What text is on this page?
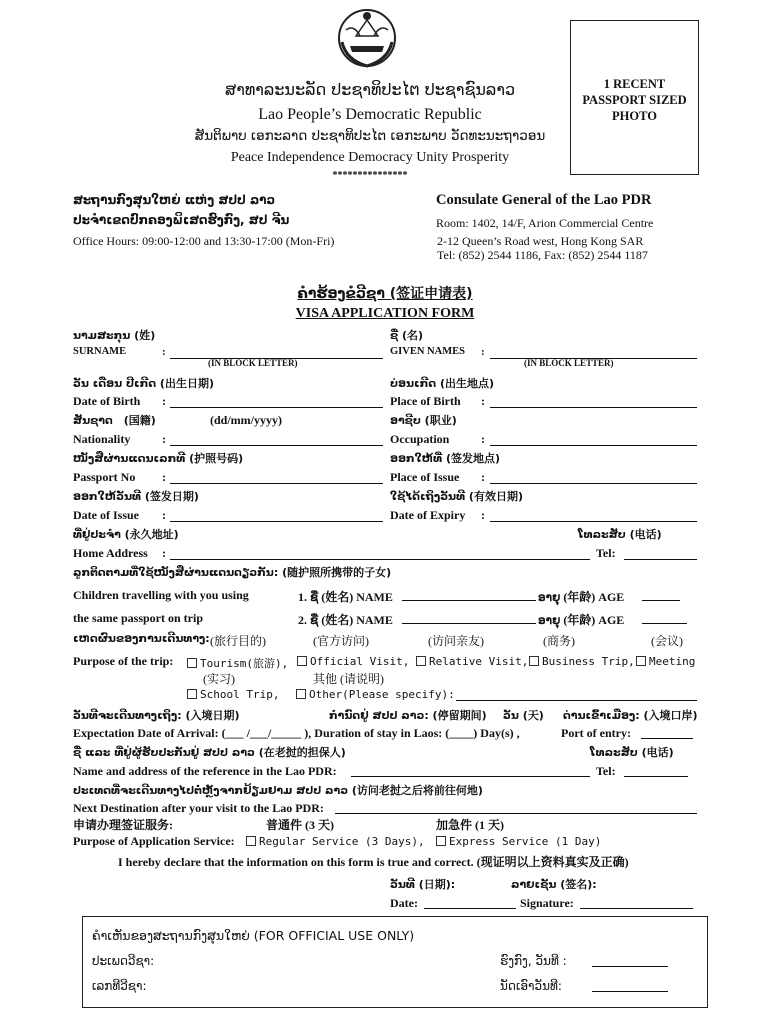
ສາທາລະນະລັດ ປະຊາທິປະໄຕ ປະຊາຊົນລາວ
Lao People’s Democratic Republic
ສັນຕິພາບ ເອກະລາດ ປະຊາທິປະໄຕ ເອກະພາບ ວັດທະນະຖາວອນ
Peace Independence Democracy Unity Prosperity
***************
1 RECENT PASSPORT SIZED PHOTO
ສະຖານກົງສຸນໃຫຍ່ ແຫ່ງ ສປປ ລາວ
ປະຈຳເຂດປົກຄອງພິເສດຮົງກົງ, ສປ ຈີນ
Office Hours: 09:00-12:00 and 13:30-17:00 (Mon-Fri)
Consulate General of the Lao PDR
Room: 1402, 14/F, Arion Commercial Centre
2-12 Queen’s Road west, Hong Kong SAR
Tel: (852) 2544 1186, Fax: (852) 2544 1187
ຄຳຮ້ອງຂໍວີຊາ (签证申请表)
VISA APPLICATION FORM
ນາມສະກຸນ (姓)	ຊື່ (名)
SURNAME	:	GIVEN NAMES :
(IN BLOCK LETTER)	(IN BLOCK LETTER)
ວັນ ເດືອນ ປີເກີດ (出生日期)	ບ່ອນເກີດ (出生地点)
Date of Birth :	Place of Birth :
ສັນຊາດ　(国籍)	(dd/mm/yyyy)	ອາຊີບ (职业)
Nationality	:	Occupation	:
ໜັງສືຜ່ານແດນເລກທີ (护照号码)	ອອກໃຫ້ທີ່ (签发地点)
Passport No :	Place of Issue :
ອອກໃຫ້ວັນທີ (签发日期)	ໃຊ້ໄດ້ເຖິງວັນທີ (有效日期)
Date of Issue :	Date of Expiry :
ທີ່ຢູ່ປະຈຳ (永久地址)	ໂທລະສັບ (电话)
Home Address :	Tel:
ລູກຕິດຕາມທີ່ໃຊ້ໜັງສືຜ່ານແດນດຽວກັນ: (随护照所携带的子女)
Children travelling with you using
the same passport on trip
1. ຊື່ (姓名) NAME	ອາຍຸ (年龄) AGE
2. ຊື່ (姓名) NAME	ອາຍຸ (年龄) AGE
ເຫດຜົນຂອງການເດີນທາງ: (旅行目的)	(官方访问)	(访问亲友)	(商务)	(会议)
Purpose of the trip:	Tourism(旅游),	Official Visit,	Relative Visit,	Business Trip,	Meeting
(实习)	其他 (请说明)
School Trip,	Other(Please specify):
ວັນທີຈະເດີນທາງເຖິງ: (入境日期)	ກຳນົດຢູ່ ສປປ ລາວ: (停留期间) ວັນ (天) ດ່ານເຂົ້າເມືອງ: (入境口岸)
Expectation Date of Arrival: (___ /___/_____ ), Duration of stay in Laos: (____) Day(s) ,	Port of entry:
ຊື່ ແລະ ທີ່ຢູ່ຜູ້ຮັບປະກັນຢູ່ ສປປ ລາວ (在老挝的担保人)	ໂທລະສັບ (电话)
Name and address of the reference in the Lao PDR:	Tel:
ປະເທດທີ່ຈະເດີນທາງໄປຕໍ່ຫຼັງຈາກຢ້ຽມຢາມ ສປປ ລາວ (访问老挝之后将前往何地)
Next Destination after your visit to the Lao PDR:
申请办理签证服务:	普通件 (3 天)	加急件 (1 天)
Purpose of Application Service:	Regular Service (3 Days),	Express Service (1 Day)
I hereby declare that the information on this form is true and correct. (现证明以上资料真实及正确)
ວັນທີ (日期):	ລາຍເຊັນ (签名):
Date:	Signature:
ຄຳເຫັນຂອງສະຖານກົງສຸນໃຫຍ່ (FOR OFFICIAL USE ONLY)
ປະເພດວີຊາ:	ຮົງກົງ, ວັນທີ :
ເລກທີວີຊາ:	ນັດເອົາວັນທີ:
